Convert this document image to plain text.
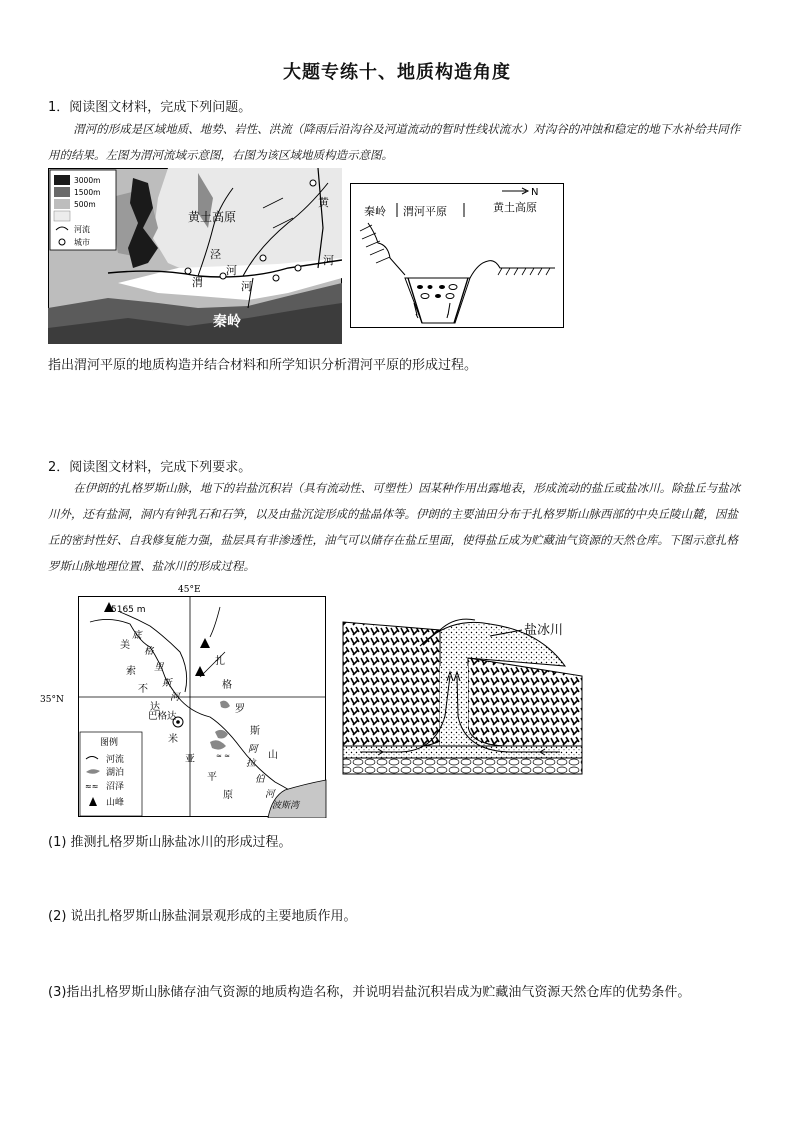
大题专练十、地质构造角度
1．阅读图文材料，完成下列问题。
渭河的形成是区域地质、地势、岩性、洪流（降雨后沿沟谷及河道流动的暂时性线状流水）对沟谷的冲蚀和稳定的地下水补给共同作用的结果。左图为渭河流域示意图，右图为该区域地质构造示意图。
3000m
1500m
500m
河流
城市
黄土高原
泾
河
渭	河
黄
河
秦岭
N
秦岭 渭河平原	黄土高原
指出渭河平原的地质构造并结合材料和所学知识分析渭河平原的形成过程。
2．阅读图文材料，完成下列要求。
在伊朗的扎格罗斯山脉，地下的岩盐沉积岩（具有流动性、可塑性）因某种作用出露地表，形成流动的盐丘或盐冰川。除盐丘与盐冰川外，还有盐洞，洞内有钟乳石和石笋，以及由盐沉淀形成的盐晶体等。伊朗的主要油田分布于扎格罗斯山脉西部的中央丘陵山麓，因盐丘的密封性好、自我修复能力强，盐层具有非渗透性，油气可以储存在盐丘里面，使得盐丘成为贮藏油气资源的天然仓库。下图示意扎格罗斯山脉地理位置、盐冰川的形成过程。
45°E
35°N
5165 m
≈ ≈
巴格达
波斯湾
美
索
不
达
米
亚
平
原
底
格
里
斯
河
扎
格
罗
斯
山
阿
拉
伯
河
图例
≈≈
河流
湖泊
沼泽
山峰
盐冰川
(1) 推测扎格罗斯山脉盐冰川的形成过程。
(2) 说出扎格罗斯山脉盐洞景观形成的主要地质作用。
(3)指出扎格罗斯山脉储存油气资源的地质构造名称，并说明岩盐沉积岩成为贮藏油气资源天然仓库的优势条件。
